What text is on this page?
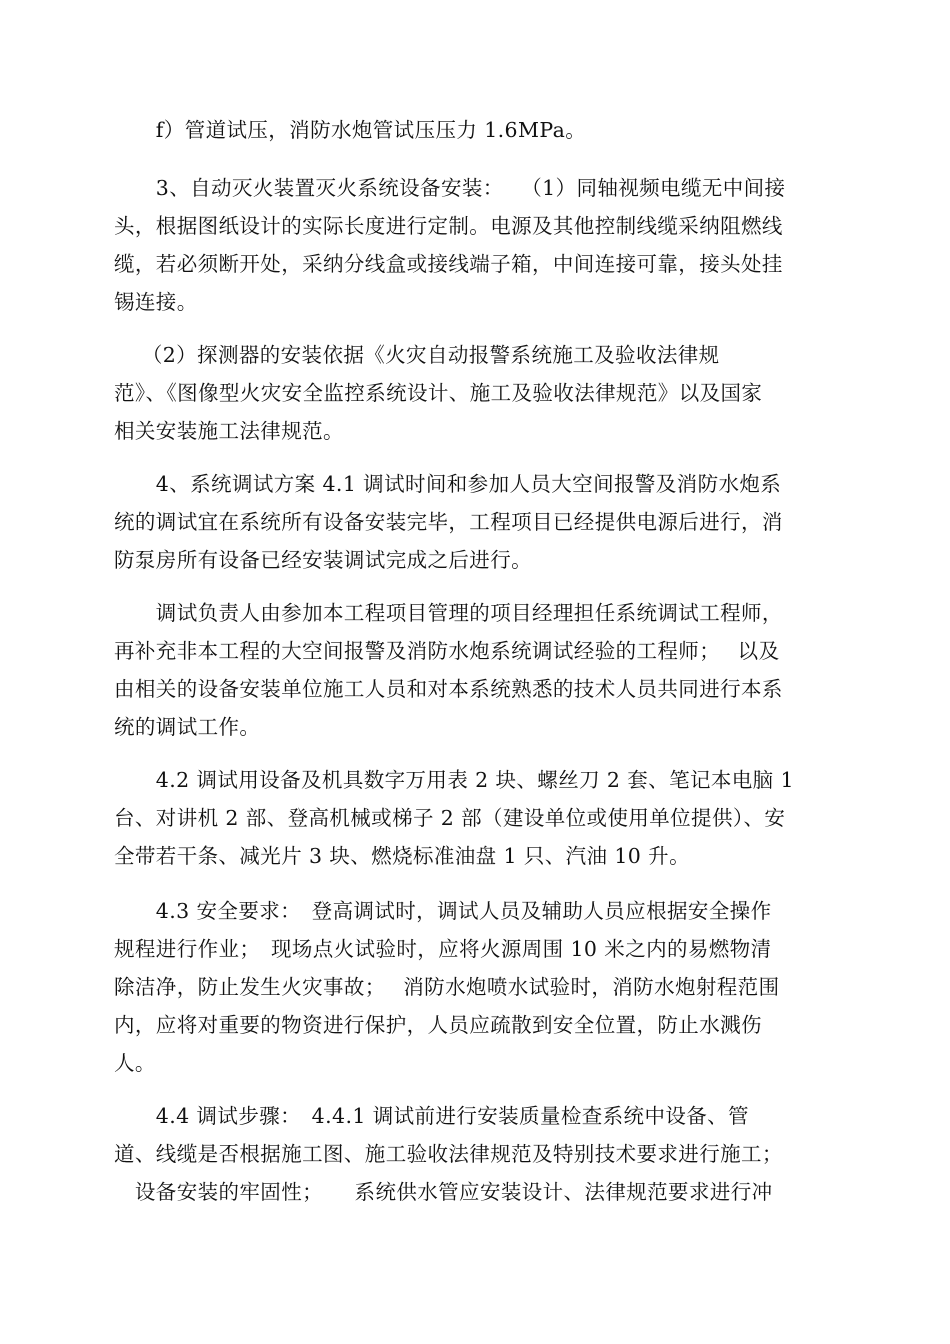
　　f）管道试压，消防水炮管试压压力 1.6MPa。
　　3、自动灭火装置灭火系统设备安装：　 （1）同轴视频电缆无中间接
头，根据图纸设计的实际长度进行定制。电源及其他控制线缆采纳阻燃线
缆，若必须断开处，采纳分线盒或接线端子箱，中间连接可靠，接头处挂
锡连接。
　 （2）探测器的安装依据《火灾自动报警系统施工及验收法律规
范》、《图像型火灾安全监控系统设计、施工及验收法律规范》以及国家
相关安装施工法律规范。
　　4、系统调试方案 4.1 调试时间和参加人员大空间报警及消防水炮系
统的调试宜在系统所有设备安装完毕，工程项目已经提供电源后进行，消
防泵房所有设备已经安装调试完成之后进行。
　　调试负责人由参加本工程项目管理的项目经理担任系统调试工程师，
再补充非本工程的大空间报警及消防水炮系统调试经验的工程师；　 以及
由相关的设备安装单位施工人员和对本系统熟悉的技术人员共同进行本系
统的调试工作。
　　4.2 调试用设备及机具数字万用表 2 块、螺丝刀 2 套、笔记本电脑 1
台、对讲机 2 部、登高机械或梯子 2 部（建设单位或使用单位提供）、安
全带若干条、减光片 3 块、燃烧标准油盘 1 只、汽油 10 升。
　　4.3 安全要求：　登高调试时，调试人员及辅助人员应根据安全操作
规程进行作业；　现场点火试验时，应将火源周围 10 米之内的易燃物清
除洁净，防止发生火灾事故；　 消防水炮喷水试验时，消防水炮射程范围
内，应将对重要的物资进行保护，人员应疏散到安全位置，防止水溅伤
人。
　　4.4 调试步骤：　4.4.1 调试前进行安装质量检查系统中设备、管
道、线缆是否根据施工图、施工验收法律规范及特别技术要求进行施工；
　设备安装的牢固性；　　系统供水管应安装设计、法律规范要求进行冲
